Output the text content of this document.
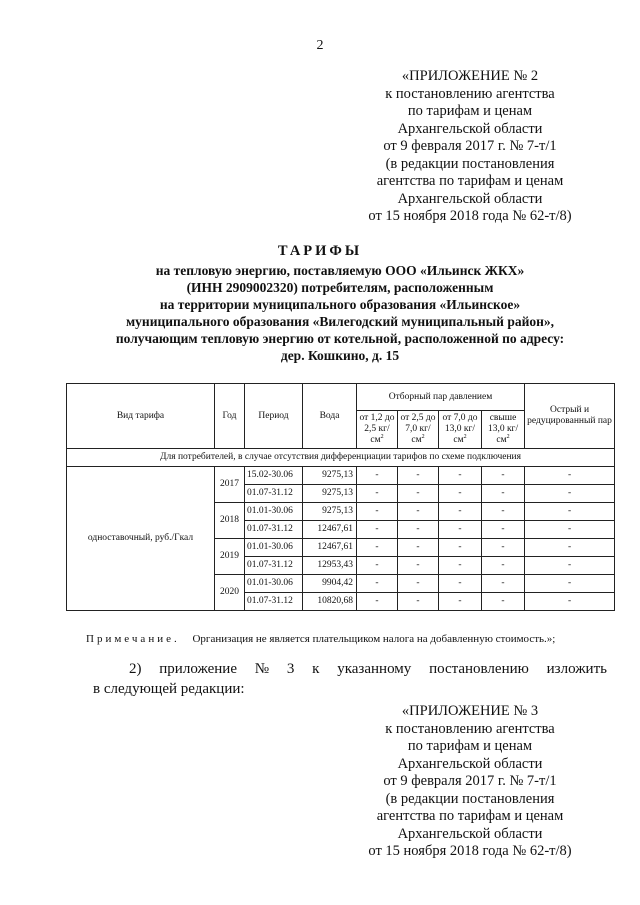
2
«ПРИЛОЖЕНИЕ № 2
к постановлению агентства
по тарифам и ценам
Архангельской области
от 9 февраля 2017 г. № 7-т/1
(в редакции постановления
агентства по тарифам и ценам
Архангельской области
от 15 ноября 2018 года № 62-т/8)
ТАРИФЫ
на тепловую энергию, поставляемую ООО «Ильинск ЖКХ»
(ИНН 2909002320) потребителям, расположенным
на территории муниципального образования «Ильинское»
муниципального образования «Вилегодский муниципальный район»,
получающим тепловую энергию от котельной, расположенной по адресу:
дер. Кошкино, д. 15
Вид тарифа	Год	Период	Вода	Отборный пар давлением				Острый и редуцированный пар
				от 1,2 до 2,5 $кг/см^2$	от 2,5 до 7,0 $кг/см^2$	от 7,0 до 13,0 $кг/см^2$	свыше 13,0 $кг/см^2$
Для потребителей, в случае отсутствия дифференциации тарифов по схеме подключения								
одноставочный, руб./Гкал	2017	15.02-30.06	9275,13	-	-	-	-	-
		01.07-31.12	9275,13	-	-	-	-	-
	2018	01.01-30.06	9275,13	-	-	-	-	-
		01.07-31.12	12467,61	-	-	-	-	-
	2019	01.01-30.06	12467,61	-	-	-	-	-
		01.07-31.12	12953,43	-	-	-	-	-
	2020	01.01-30.06	9904,42	-	-	-	-	-
		01.07-31.12	10820,68	-	-	-	-	-
Примечание. Организация не является плательщиком налога на добавленную стоимость.»;
2) приложение № 3 к указанному постановлению изложить
в следующей редакции:
«ПРИЛОЖЕНИЕ № 3
к постановлению агентства
по тарифам и ценам
Архангельской области
от 9 февраля 2017 г. № 7-т/1
(в редакции постановления
агентства по тарифам и ценам
Архангельской области
от 15 ноября 2018 года № 62-т/8)
